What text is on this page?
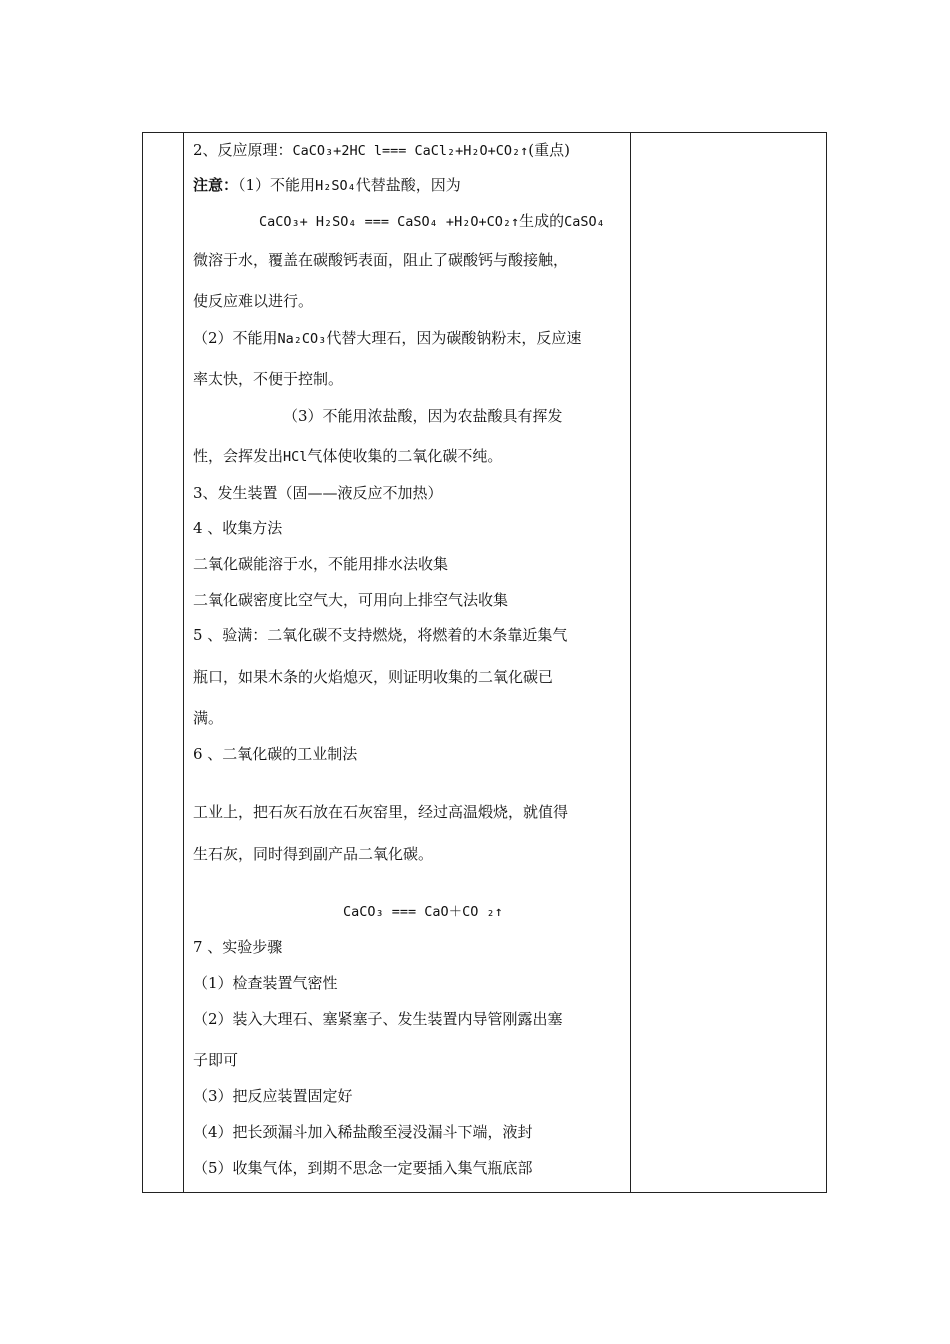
2、反应原理：CaCO₃+2HC l=== CaCl₂+H₂O+CO₂↑(重点)
注意：（1）不能用H₂SO₄代替盐酸，因为
CaCO₃+ H₂SO₄ === CaSO₄ +H₂O+CO₂↑生成的CaSO₄
微溶于水，覆盖在碳酸钙表面，阻止了碳酸钙与酸接触，
使反应难以进行。
（2）不能用Na₂CO₃代替大理石，因为碳酸钠粉末，反应速
率太快，不便于控制。
（3）不能用浓盐酸，因为农盐酸具有挥发
性，会挥发出HCl气体使收集的二氧化碳不纯。
3、发生装置（固——液反应不加热）
4 、收集方法
二氧化碳能溶于水，不能用排水法收集
二氧化碳密度比空气大，可用向上排空气法收集
5 、验满：二氧化碳不支持燃烧，将燃着的木条靠近集气
瓶口，如果木条的火焰熄灭，则证明收集的二氧化碳已
满。
6 、二氧化碳的工业制法
工业上，把石灰石放在石灰窑里，经过高温煅烧，就值得
生石灰，同时得到副产品二氧化碳。
CaCO₃ === CaO＋CO ₂↑
7 、实验步骤
（1）检查装置气密性
（2）装入大理石、塞紧塞子、发生装置内导管刚露出塞
子即可
（3）把反应装置固定好
（4）把长颈漏斗加入稀盐酸至浸没漏斗下端，液封
（5）收集气体，到期不思念一定要插入集气瓶底部
